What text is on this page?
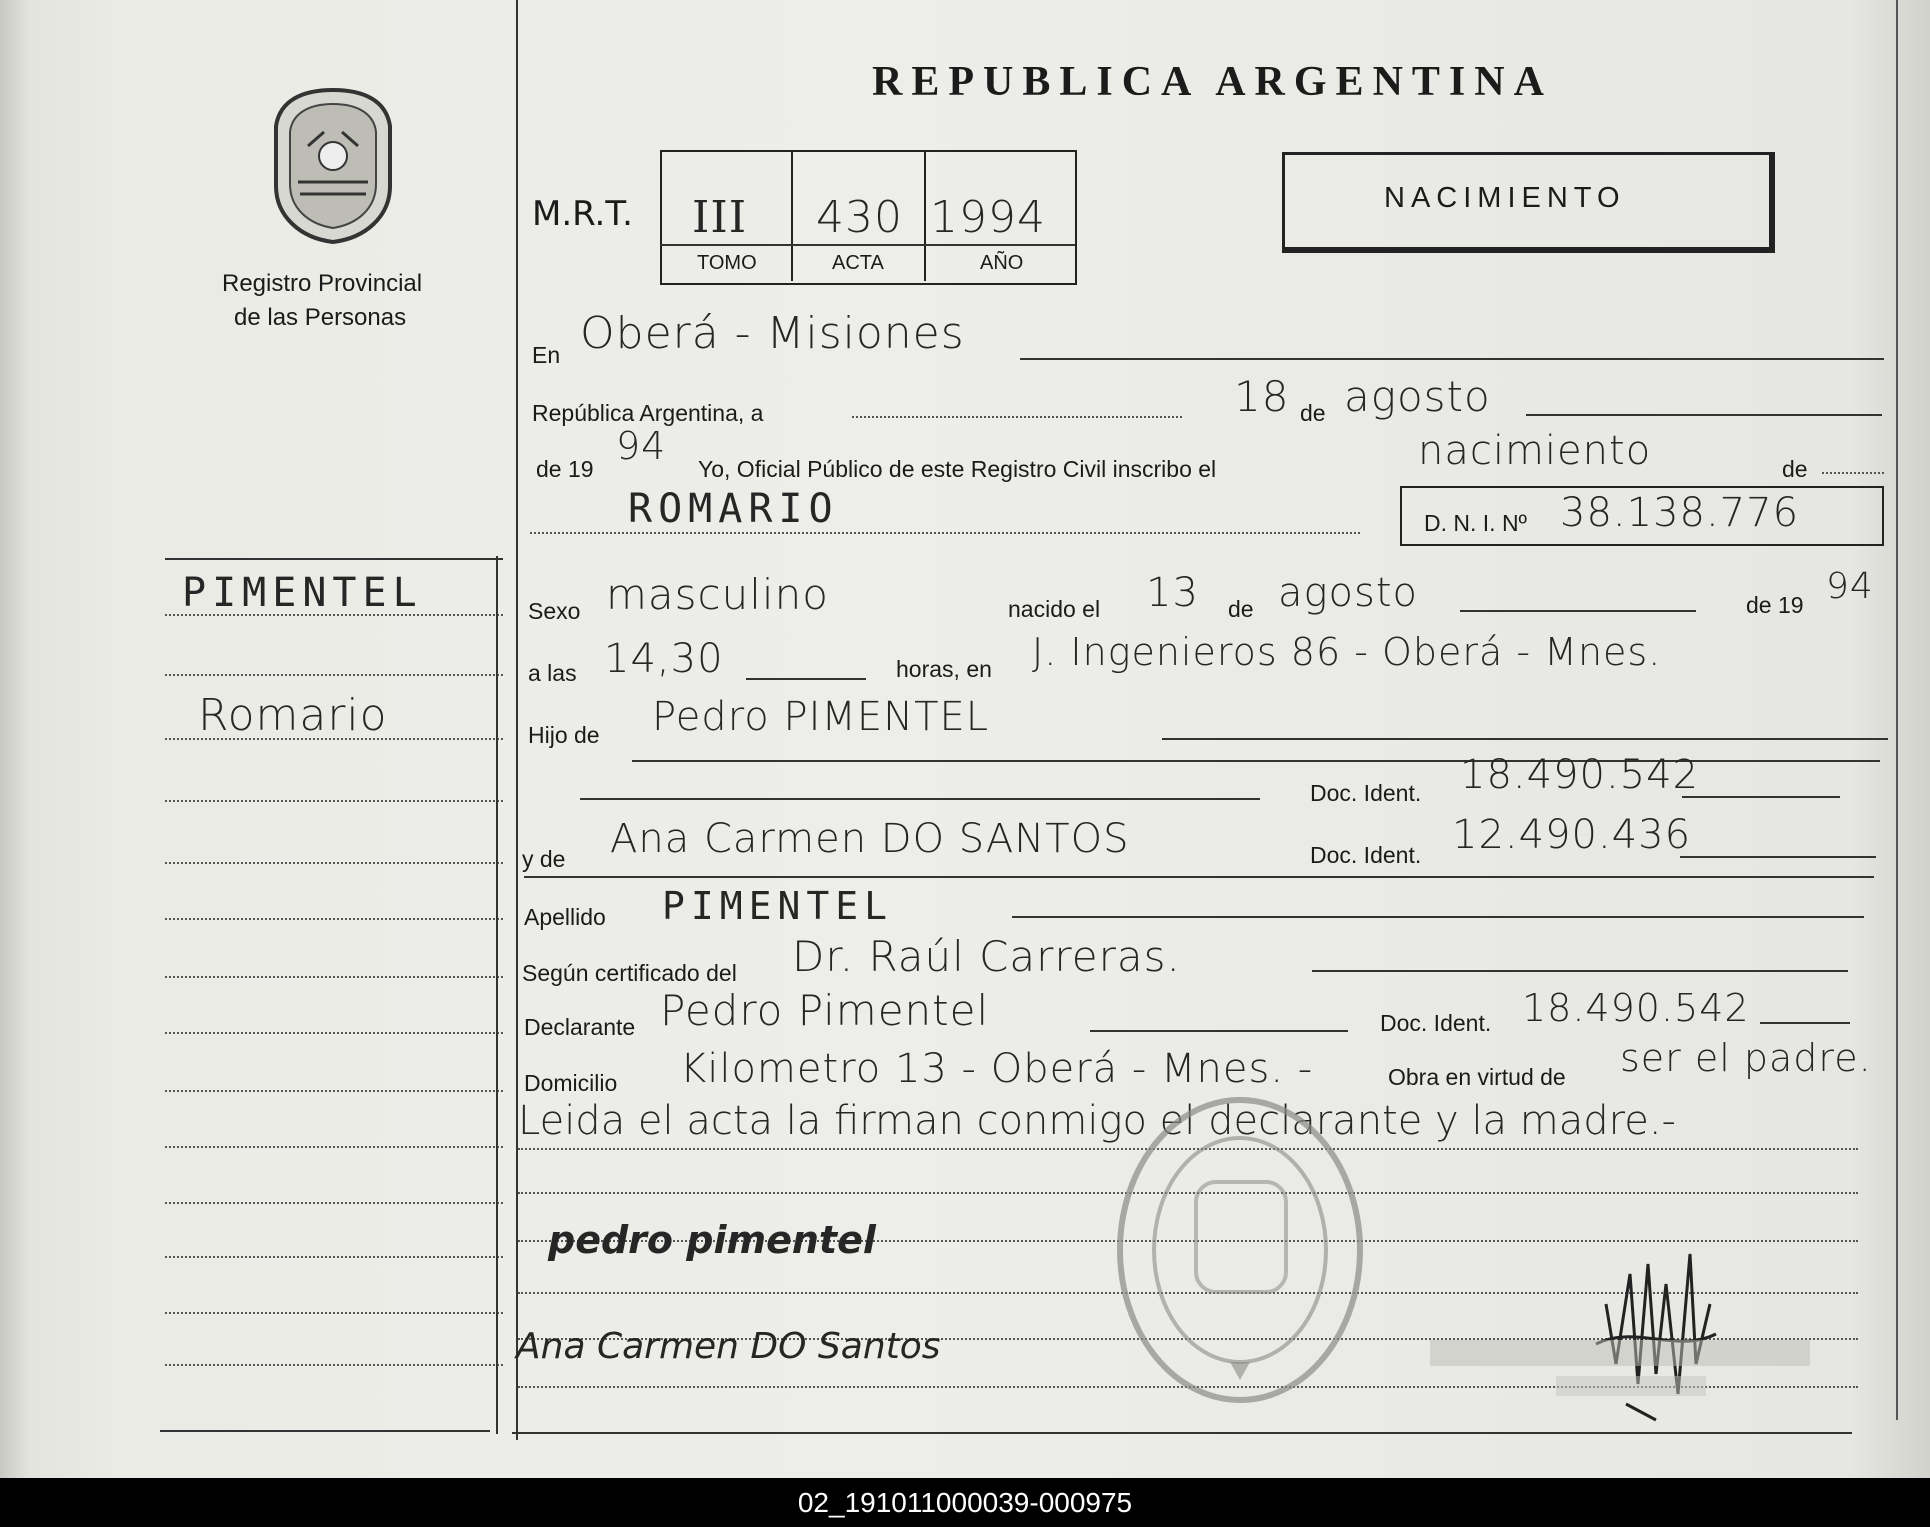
Registro Provincial
de las Personas
PIMENTEL
Romario
REPUBLICA ARGENTINA
M.R.T. III 430 1994
TOMO	ACTA	AÑO
NACIMIENTO
En Oberá - Misiones
República Argentina, a	18 de agosto
de 19
94
Yo, Oficial Público de este Registro Civil inscribo el	nacimiento	de
ROMARIO	D. N. I. Nº 38.138.776
Sexo masculino	nacido el 13 de agosto	de 19 94
a las 14,30	horas, en J. Ingenieros 86 - Oberá - Mnes.
Hijo de Pedro PIMENTEL
Doc. Ident. 18.490.542
y de Ana Carmen DO SANTOS	Doc. Ident. 12.490.436
Apellido PIMENTEL
Según certificado del Dr. Raúl Carreras.
Declarante Pedro Pimentel	Doc. Ident. 18.490.542
Domicilio Kilometro 13 - Oberá - Mnes. -	Obra en virtud de ser el padre.
Leida el acta la firman conmigo el declarante y la madre.-
pedro pimentel
Ana Carmen DO Santos
02_191011000039-000975
